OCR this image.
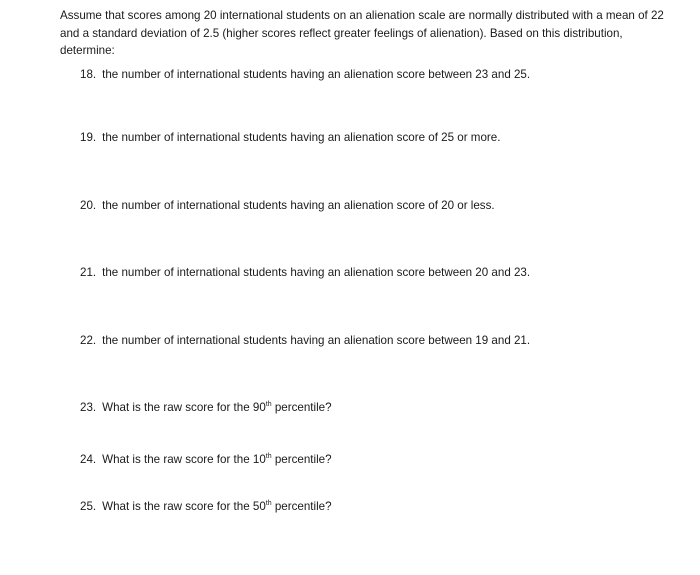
Assume that scores among 20 international students on an alienation scale are normally distributed with a mean of 22 and a standard deviation of 2.5 (higher scores reflect greater feelings of alienation). Based on this distribution, determine:

18. the number of international students having an alienation score between 23 and 25.

19. the number of international students having an alienation score of 25 or more.

20. the number of international students having an alienation score of 20 or less.

21. the number of international students having an alienation score between 20 and 23.

22. the number of international students having an alienation score between 19 and 21.

23. What is the raw score for the 90th percentile?

24. What is the raw score for the 10th percentile?

25. What is the raw score for the 50th percentile?
